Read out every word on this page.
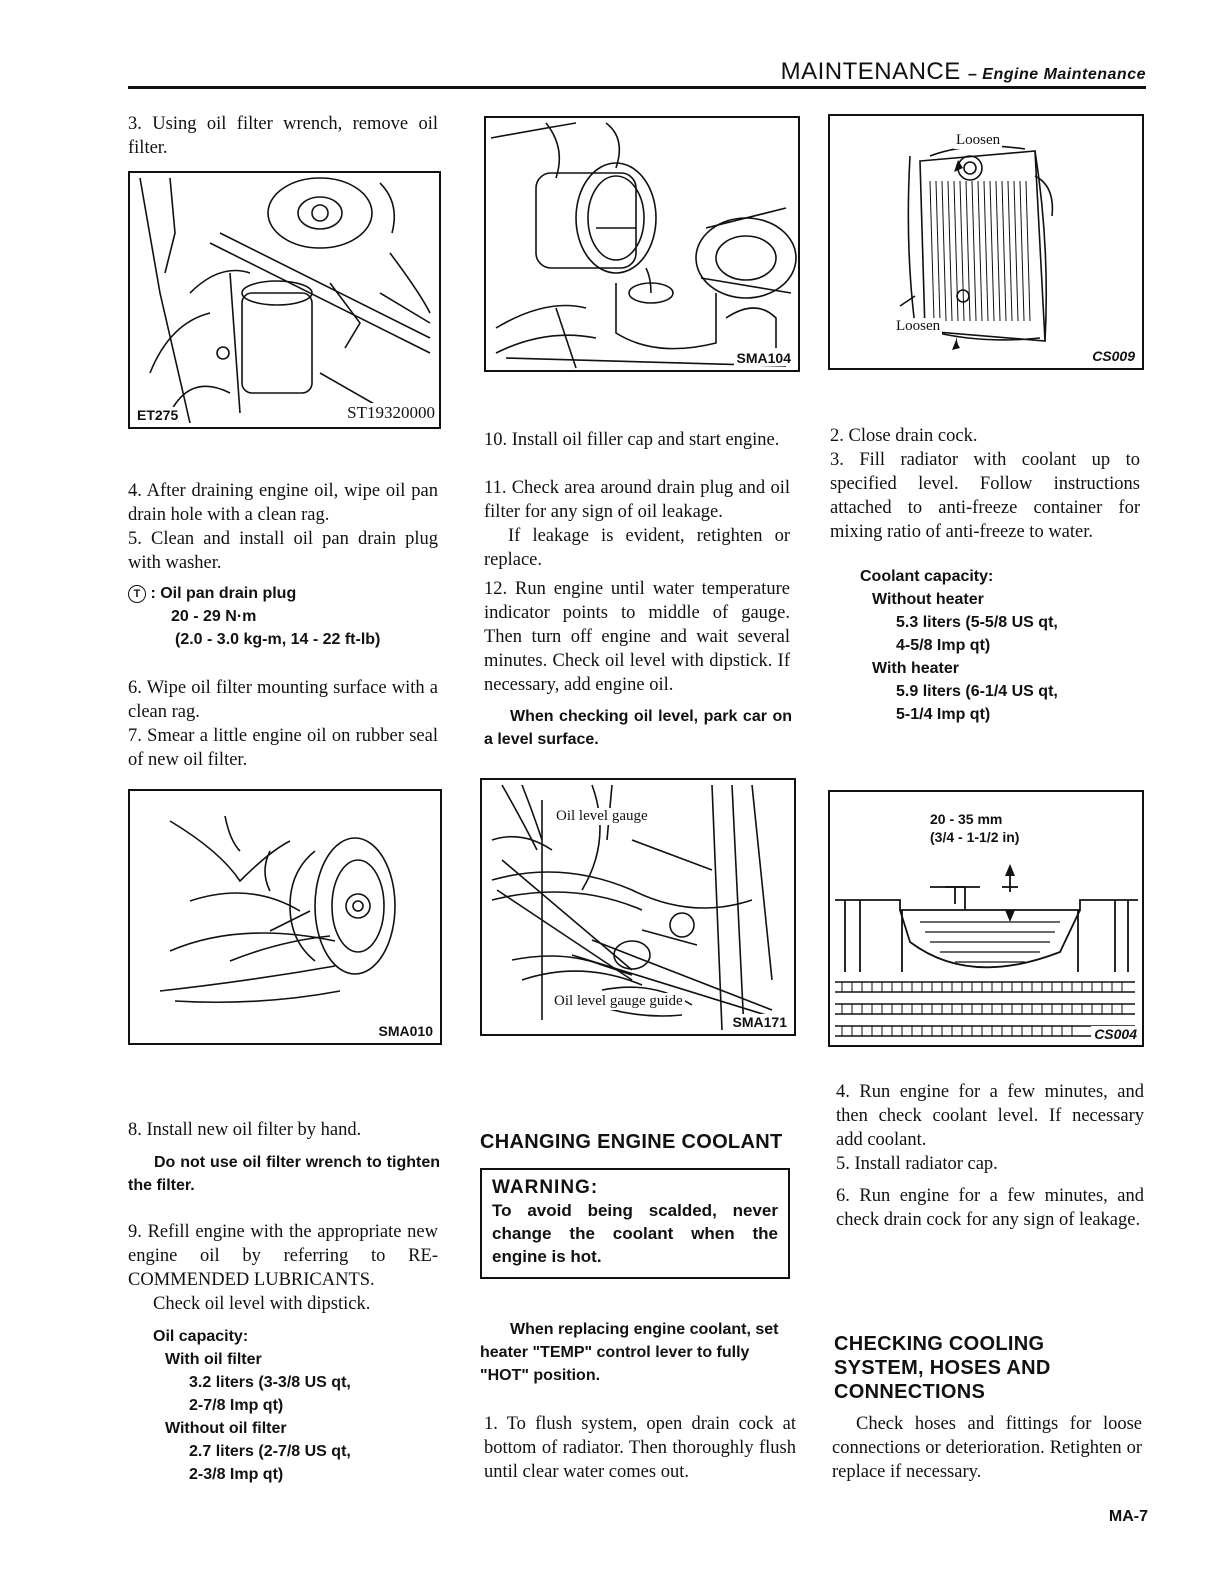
MAINTENANCE – Engine Maintenance
3. Using oil filter wrench, remove oil filter.
ET275	ST19320000
4. After draining engine oil, wipe oil pan drain hole with a clean rag.
5. Clean and install oil pan drain plug with washer.
T : Oil pan drain plug
20 - 29 N·m
(2.0 - 3.0 kg-m, 14 - 22 ft-lb)
6. Wipe oil filter mounting surface with a clean rag.
7. Smear a little engine oil on rubber seal of new oil filter.
SMA010
8. Install new oil filter by hand.
Do not use oil filter wrench to tighten the filter.
9. Refill engine with the appropriate new engine oil by referring to RE-COMMENDED LUBRICANTS.
Check oil level with dipstick.
Oil capacity:
With oil filter
3.2 liters (3-3/8 US qt,
2-7/8 Imp qt)
Without oil filter
2.7 liters (2-7/8 US qt,
2-3/8 Imp qt)
SMA104
10. Install oil filler cap and start engine.
11. Check area around drain plug and oil filter for any sign of oil leakage.
If leakage is evident, retighten or replace.
12. Run engine until water temperature indicator points to middle of gauge. Then turn off engine and wait several minutes. Check oil level with dipstick. If necessary, add engine oil.
When checking oil level, park car on a level surface.
Oil level gauge
Oil level gauge guide
SMA171
CHANGING ENGINE COOLANT
WARNING:
To avoid being scalded, never change the coolant when the engine is hot.
When replacing engine coolant, set heater "TEMP" control lever to fully "HOT" position.
1. To flush system, open drain cock at bottom of radiator. Then thoroughly flush until clear water comes out.
Loosen
Loosen
CS009
2. Close drain cock.
3. Fill radiator with coolant up to specified level. Follow instructions attached to anti-freeze container for mixing ratio of anti-freeze to water.
Coolant capacity:
Without heater
5.3 liters (5-5/8 US qt,
4-5/8 Imp qt)
With heater
5.9 liters (6-1/4 US qt,
5-1/4 Imp qt)
20 - 35 mm
(3/4 - 1-1/2 in)
CS004
4. Run engine for a few minutes, and then check coolant level. If necessary add coolant.
5. Install radiator cap.
6. Run engine for a few minutes, and check drain cock for any sign of leakage.
CHECKING COOLING SYSTEM, HOSES AND CONNECTIONS
Check hoses and fittings for loose connections or deterioration. Retighten or replace if necessary.
MA-7
